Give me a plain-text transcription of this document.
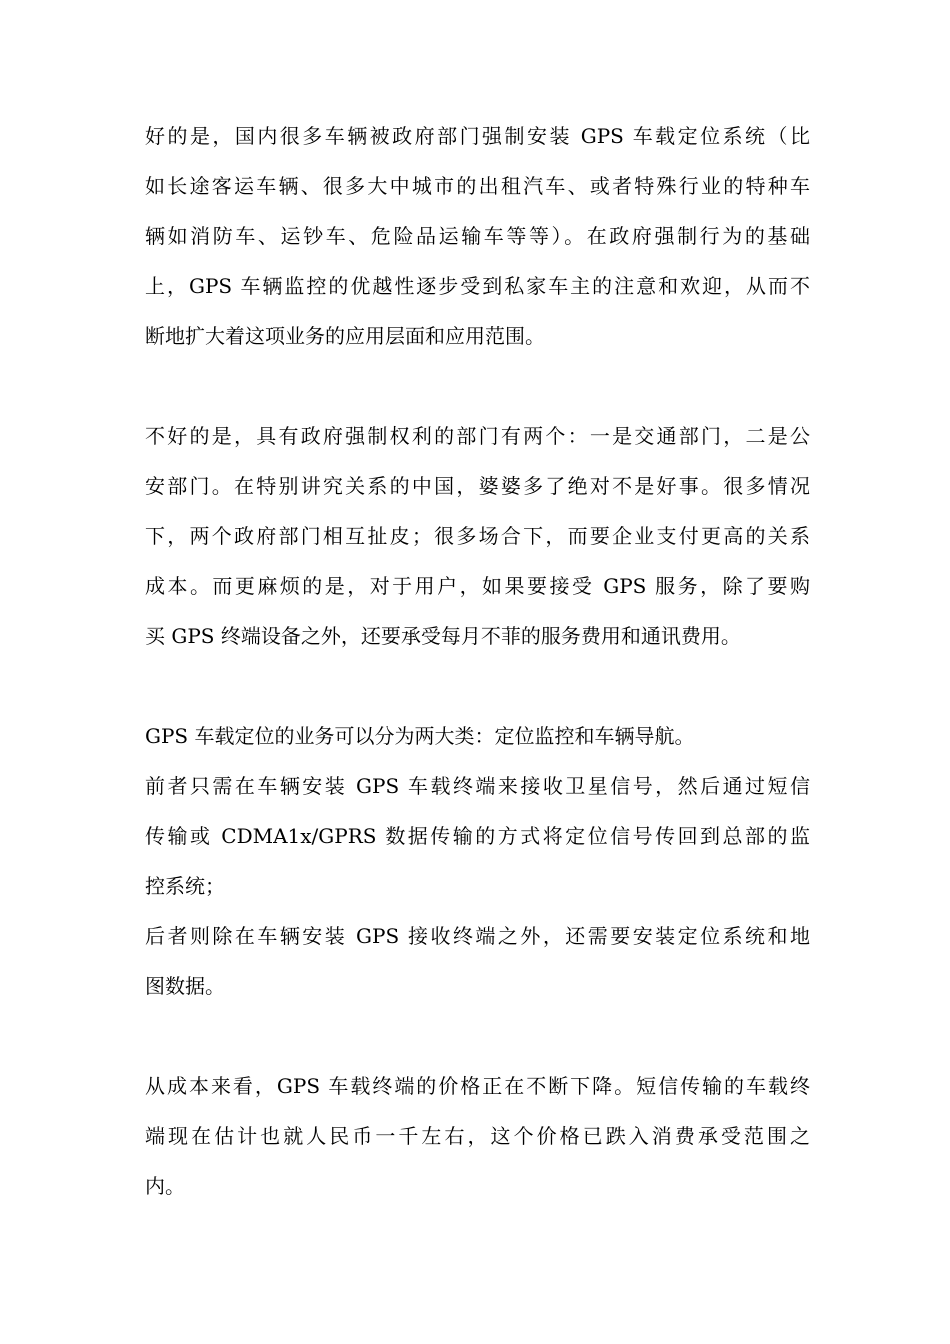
好的是，国内很多车辆被政府部门强制安装 GPS 车载定位系统（比
如长途客运车辆、很多大中城市的出租汽车、或者特殊行业的特种车
辆如消防车、运钞车、危险品运输车等等）。在政府强制行为的基础
上，GPS 车辆监控的优越性逐步受到私家车主的注意和欢迎，从而不
断地扩大着这项业务的应用层面和应用范围。
不好的是，具有政府强制权利的部门有两个：一是交通部门，二是公
安部门。在特别讲究关系的中国，婆婆多了绝对不是好事。很多情况
下，两个政府部门相互扯皮；很多场合下，而要企业支付更高的关系
成本。而更麻烦的是，对于用户，如果要接受 GPS 服务，除了要购
买 GPS 终端设备之外，还要承受每月不菲的服务费用和通讯费用。
GPS 车载定位的业务可以分为两大类：定位监控和车辆导航。
前者只需在车辆安装 GPS 车载终端来接收卫星信号，然后通过短信
传输或 CDMA1x/GPRS 数据传输的方式将定位信号传回到总部的监
控系统；
后者则除在车辆安装 GPS 接收终端之外，还需要安装定位系统和地
图数据。
从成本来看，GPS 车载终端的价格正在不断下降。短信传输的车载终
端现在估计也就人民币一千左右，这个价格已跌入消费承受范围之
内。
